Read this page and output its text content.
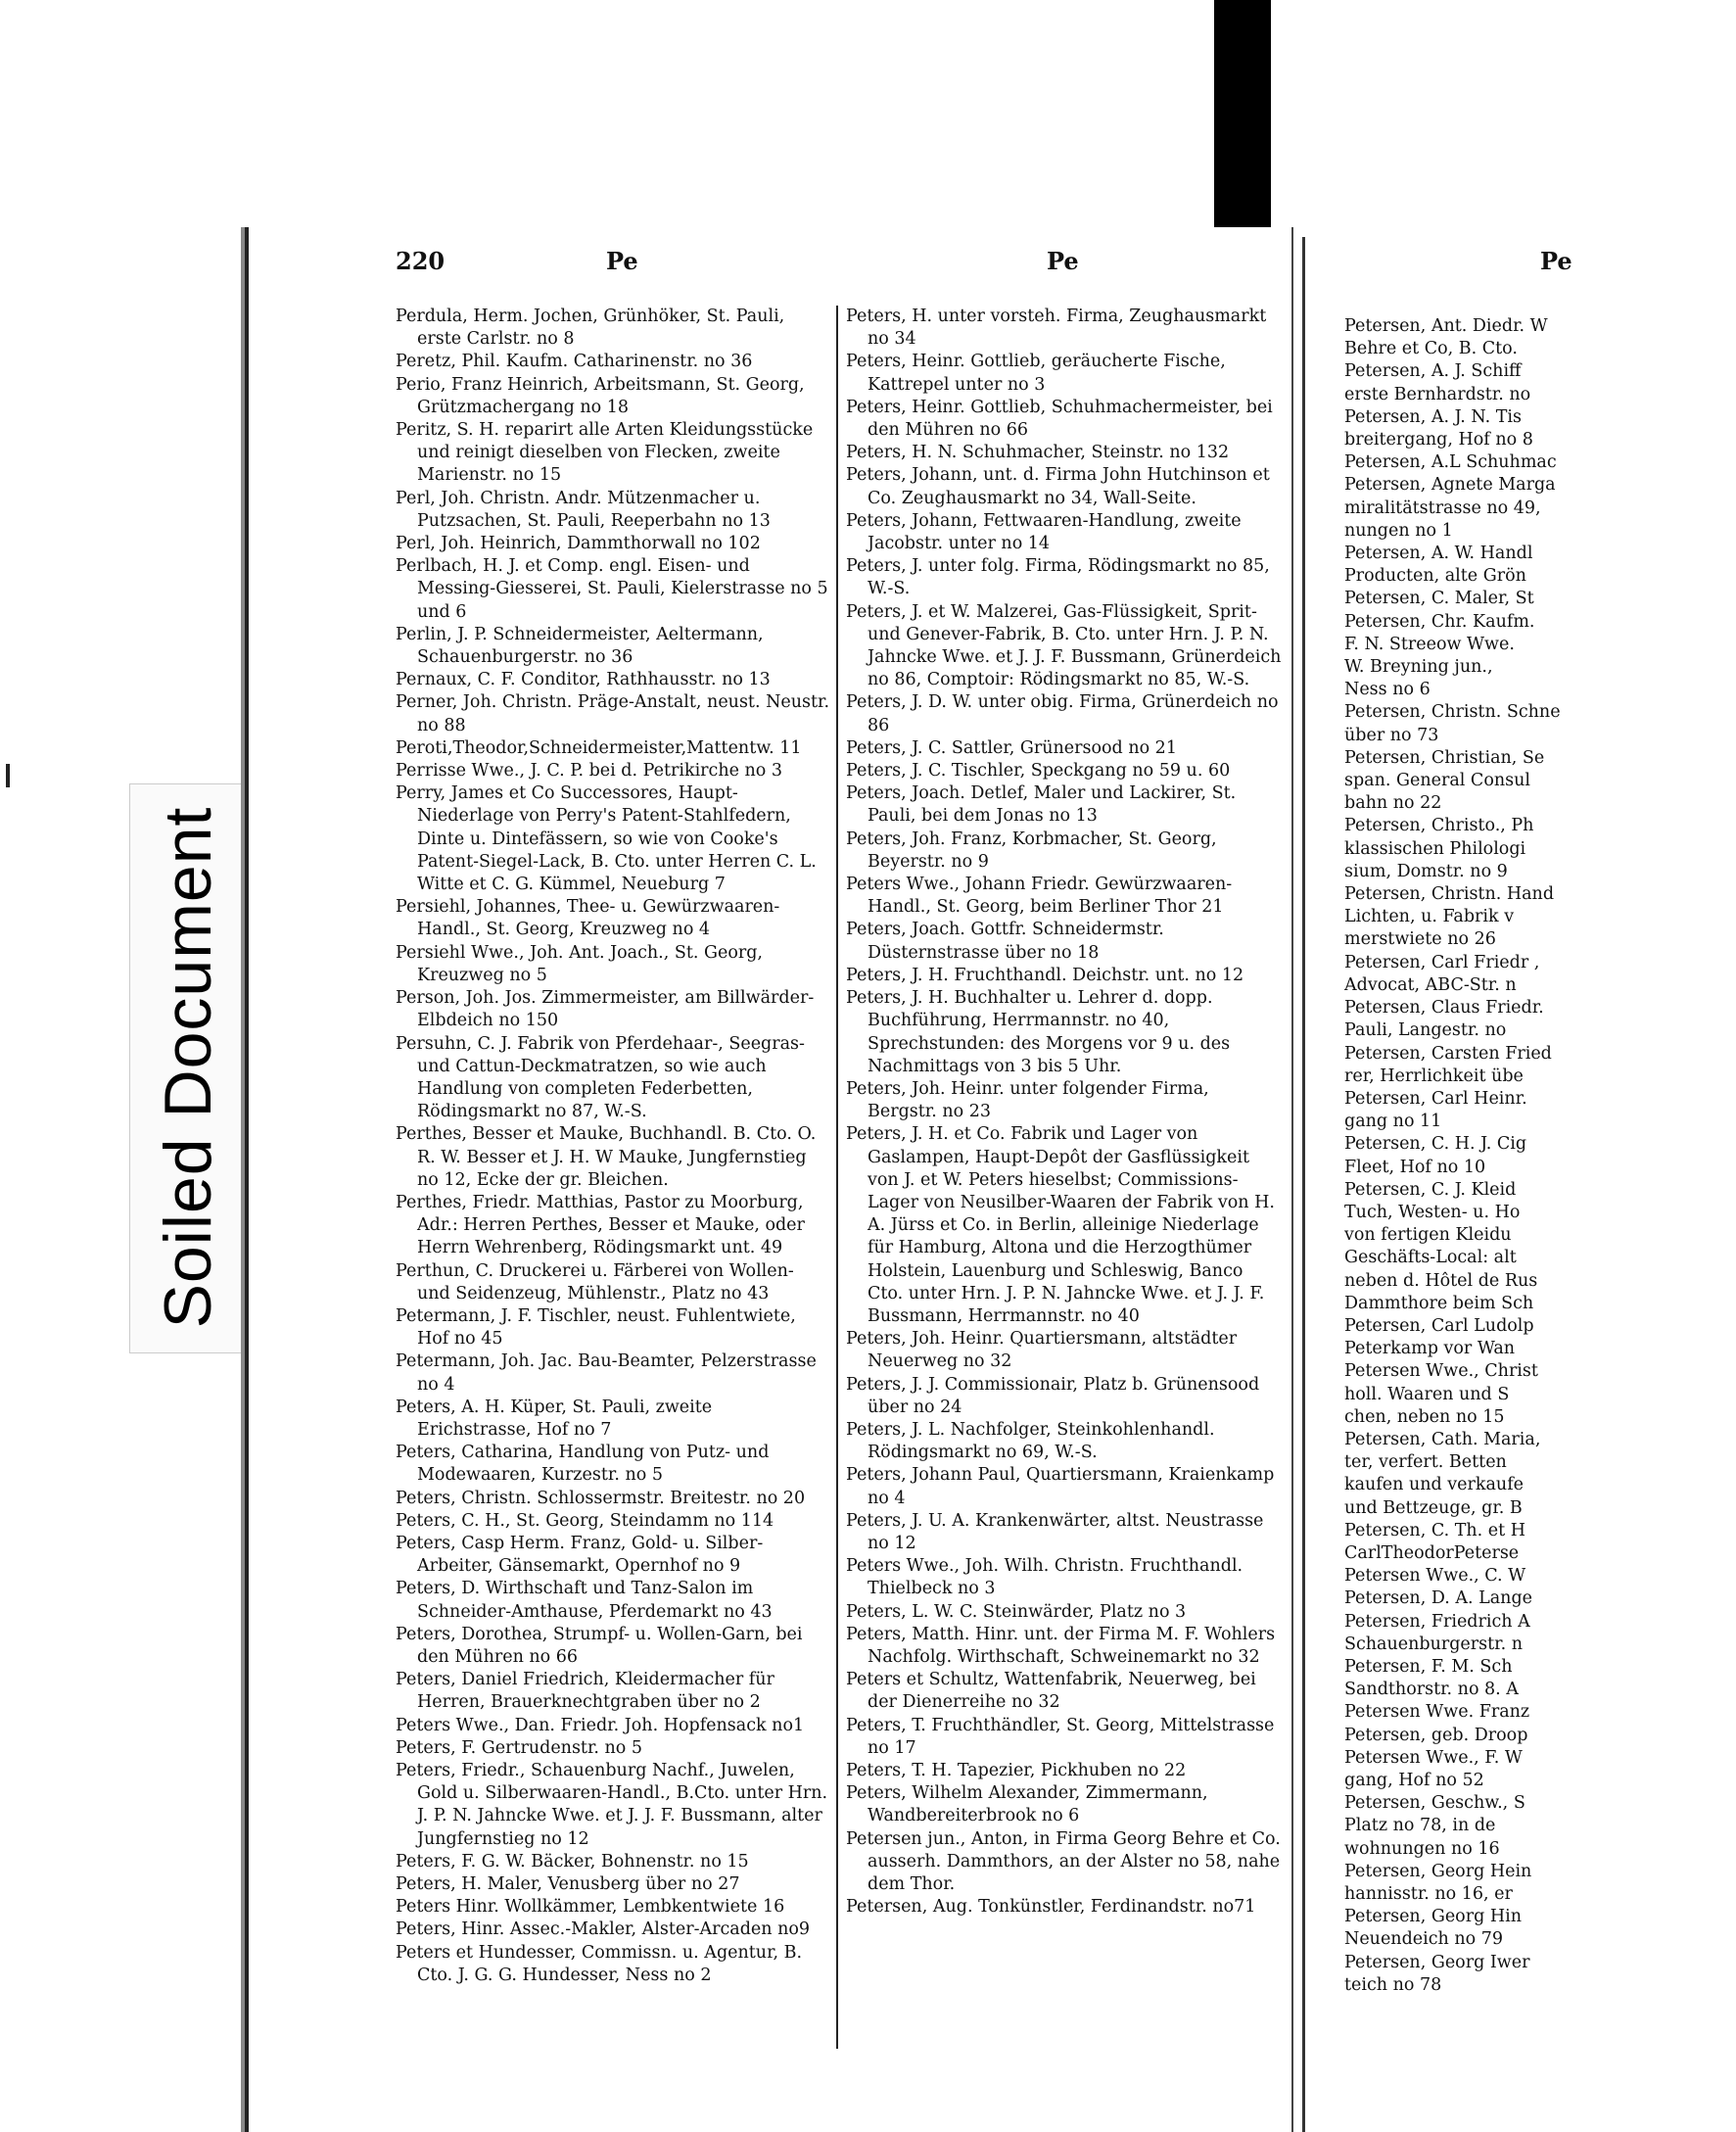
Soiled Document
220	Pe	Pe
Perdula, Herm. Jochen, Grünhöker, St. Pauli, erste Carlstr. no 8
Peretz, Phil. Kaufm. Catharinenstr. no 36
Perio, Franz Heinrich, Arbeitsmann, St. Georg, Grützmachergang no 18
Peritz, S. H. reparirt alle Arten Kleidungsstücke und reinigt dieselben von Flecken, zweite Marienstr. no 15
Perl, Joh. Christn. Andr. Mützenmacher u. Putzsachen, St. Pauli, Reeperbahn no 13
Perl, Joh. Heinrich, Dammthorwall no 102
Perlbach, H. J. et Comp. engl. Eisen- und Messing-Giesserei, St. Pauli, Kielerstrasse no 5 und 6
Perlin, J. P. Schneidermeister, Aeltermann, Schauenburgerstr. no 36
Pernaux, C. F. Conditor, Rathhausstr. no 13
Perner, Joh. Christn. Präge-Anstalt, neust. Neustr. no 88
Peroti,Theodor,Schneidermeister,Mattentw. 11
Perrisse Wwe., J. C. P. bei d. Petrikirche no 3
Perry, James et Co Successores, Haupt-Niederlage von Perry's Patent-Stahlfedern, Dinte u. Dintefässern, so wie von Cooke's Patent-Siegel-Lack, B. Cto. unter Herren C. L. Witte et C. G. Kümmel, Neueburg 7
Persiehl, Johannes, Thee- u. Gewürzwaaren-Handl., St. Georg, Kreuzweg no 4
Persiehl Wwe., Joh. Ant. Joach., St. Georg, Kreuzweg no 5
Person, Joh. Jos. Zimmermeister, am Billwärder-Elbdeich no 150
Persuhn, C. J. Fabrik von Pferdehaar-, Seegras- und Cattun-Deckmatratzen, so wie auch Handlung von completen Federbetten, Rödingsmarkt no 87, W.-S.
Perthes, Besser et Mauke, Buchhandl. B. Cto. O. R. W. Besser et J. H. W Mauke, Jungfernstieg no 12, Ecke der gr. Bleichen.
Perthes, Friedr. Matthias, Pastor zu Moorburg, Adr.: Herren Perthes, Besser et Mauke, oder Herrn Wehrenberg, Rödingsmarkt unt. 49
Perthun, C. Druckerei u. Färberei von Wollen- und Seidenzeug, Mühlenstr., Platz no 43
Petermann, J. F. Tischler, neust. Fuhlentwiete, Hof no 45
Petermann, Joh. Jac. Bau-Beamter, Pelzerstrasse no 4
Peters, A. H. Küper, St. Pauli, zweite Erichstrasse, Hof no 7
Peters, Catharina, Handlung von Putz- und Modewaaren, Kurzestr. no 5
Peters, Christn. Schlossermstr. Breitestr. no 20
Peters, C. H., St. Georg, Steindamm no 114
Peters, Casp Herm. Franz, Gold- u. Silber-Arbeiter, Gänsemarkt, Opernhof no 9
Peters, D. Wirthschaft und Tanz-Salon im Schneider-Amthause, Pferdemarkt no 43
Peters, Dorothea, Strumpf- u. Wollen-Garn, bei den Mühren no 66
Peters, Daniel Friedrich, Kleidermacher für Herren, Brauerknechtgraben über no 2
Peters Wwe., Dan. Friedr. Joh. Hopfensack no1
Peters, F. Gertrudenstr. no 5
Peters, Friedr., Schauenburg Nachf., Juwelen, Gold u. Silberwaaren-Handl., B.Cto. unter Hrn. J. P. N. Jahncke Wwe. et J. J. F. Bussmann, alter Jungfernstieg no 12
Peters, F. G. W. Bäcker, Bohnenstr. no 15
Peters, H. Maler, Venusberg über no 27
Peters Hinr. Wollkämmer, Lembkentwiete 16
Peters, Hinr. Assec.-Makler, Alster-Arcaden no9
Peters et Hundesser, Commissn. u. Agentur, B. Cto. J. G. G. Hundesser, Ness no 2
Peters, H. unter vorsteh. Firma, Zeughausmarkt no 34
Peters, Heinr. Gottlieb, geräucherte Fische, Kattrepel unter no 3
Peters, Heinr. Gottlieb, Schuhmachermeister, bei den Mühren no 66
Peters, H. N. Schuhmacher, Steinstr. no 132
Peters, Johann, unt. d. Firma John Hutchinson et Co. Zeughausmarkt no 34, Wall-Seite.
Peters, Johann, Fettwaaren-Handlung, zweite Jacobstr. unter no 14
Peters, J. unter folg. Firma, Rödingsmarkt no 85, W.-S.
Peters, J. et W. Malzerei, Gas-Flüssigkeit, Sprit- und Genever-Fabrik, B. Cto. unter Hrn. J. P. N. Jahncke Wwe. et J. J. F. Bussmann, Grünerdeich no 86, Comptoir: Rödingsmarkt no 85, W.-S.
Peters, J. D. W. unter obig. Firma, Grünerdeich no 86
Peters, J. C. Sattler, Grünersood no 21
Peters, J. C. Tischler, Speckgang no 59 u. 60
Peters, Joach. Detlef, Maler und Lackirer, St. Pauli, bei dem Jonas no 13
Peters, Joh. Franz, Korbmacher, St. Georg, Beyerstr. no 9
Peters Wwe., Johann Friedr. Gewürzwaaren-Handl., St. Georg, beim Berliner Thor 21
Peters, Joach. Gottfr. Schneidermstr. Düsternstrasse über no 18
Peters, J. H. Fruchthandl. Deichstr. unt. no 12
Peters, J. H. Buchhalter u. Lehrer d. dopp. Buchführung, Herrmannstr. no 40, Sprechstunden: des Morgens vor 9 u. des Nachmittags von 3 bis 5 Uhr.
Peters, Joh. Heinr. unter folgender Firma, Bergstr. no 23
Peters, J. H. et Co. Fabrik und Lager von Gaslampen, Haupt-Depôt der Gasflüssigkeit von J. et W. Peters hieselbst; Commissions-Lager von Neusilber-Waaren der Fabrik von H. A. Jürss et Co. in Berlin, alleinige Niederlage für Hamburg, Altona und die Herzogthümer Holstein, Lauenburg und Schleswig, Banco Cto. unter Hrn. J. P. N. Jahncke Wwe. et J. J. F. Bussmann, Herrmannstr. no 40
Peters, Joh. Heinr. Quartiersmann, altstädter Neuerweg no 32
Peters, J. J. Commissionair, Platz b. Grünensood über no 24
Peters, J. L. Nachfolger, Steinkohlenhandl. Rödingsmarkt no 69, W.-S.
Peters, Johann Paul, Quartiersmann, Kraienkamp no 4
Peters, J. U. A. Krankenwärter, altst. Neustrasse no 12
Peters Wwe., Joh. Wilh. Christn. Fruchthandl. Thielbeck no 3
Peters, L. W. C. Steinwärder, Platz no 3
Peters, Matth. Hinr. unt. der Firma M. F. Wohlers Nachfolg. Wirthschaft, Schweinemarkt no 32
Peters et Schultz, Wattenfabrik, Neuerweg, bei der Dienerreihe no 32
Peters, T. Fruchthändler, St. Georg, Mittelstrasse no 17
Peters, T. H. Tapezier, Pickhuben no 22
Peters, Wilhelm Alexander, Zimmermann, Wandbereiterbrook no 6
Petersen jun., Anton, in Firma Georg Behre et Co. ausserh. Dammthors, an der Alster no 58, nahe dem Thor.
Petersen, Aug. Tonkünstler, Ferdinandstr. no71
Pe
Petersen, Ant. Diedr. W
Behre et Co, B. Cto.
Petersen, A. J. Schiff
erste Bernhardstr. no
Petersen, A. J. N. Tis
breitergang, Hof no 8
Petersen, A.L Schuhmac
Petersen, Agnete Marga
miralitätstrasse no 49,
nungen no 1
Petersen, A. W. Handl
Producten, alte Grön
Petersen, C. Maler, St
Petersen, Chr. Kaufm.
F. N. Streeow Wwe.
W. Breyning jun.,
Ness no 6
Petersen, Christn. Schne
über no 73
Petersen, Christian, Se
span. General Consul
bahn no 22
Petersen, Christo., Ph
klassischen Philologi
sium, Domstr. no 9
Petersen, Christn. Hand
Lichten, u. Fabrik v
merstwiete no 26
Petersen, Carl Friedr ,
Advocat, ABC-Str. n
Petersen, Claus Friedr.
Pauli, Langestr. no
Petersen, Carsten Fried
rer, Herrlichkeit übe
Petersen, Carl Heinr.
gang no 11
Petersen, C. H. J. Cig
Fleet, Hof no 10
Petersen, C. J. Kleid
Tuch, Westen- u. Ho
von fertigen Kleidu
Geschäfts-Local: alt
neben d. Hôtel de Rus
Dammthore beim Sch
Petersen, Carl Ludolp
Peterkamp vor Wan
Petersen Wwe., Christ
holl. Waaren und S
chen, neben no 15
Petersen, Cath. Maria,
ter, verfert. Betten
kaufen und verkaufe
und Bettzeuge, gr. B
Petersen, C. Th. et H
CarlTheodorPeterse
Petersen Wwe., C. W
Petersen, D. A. Lange
Petersen, Friedrich A
Schauenburgerstr. n
Petersen, F. M. Sch
Sandthorstr. no 8. A
Petersen Wwe. Franz
Petersen, geb. Droop
Petersen Wwe., F. W
gang, Hof no 52
Petersen, Geschw., S
Platz no 78, in de
wohnungen no 16
Petersen, Georg Hein
hannisstr. no 16, er
Petersen, Georg Hin
Neuendeich no 79
Petersen, Georg Iwer
teich no 78
